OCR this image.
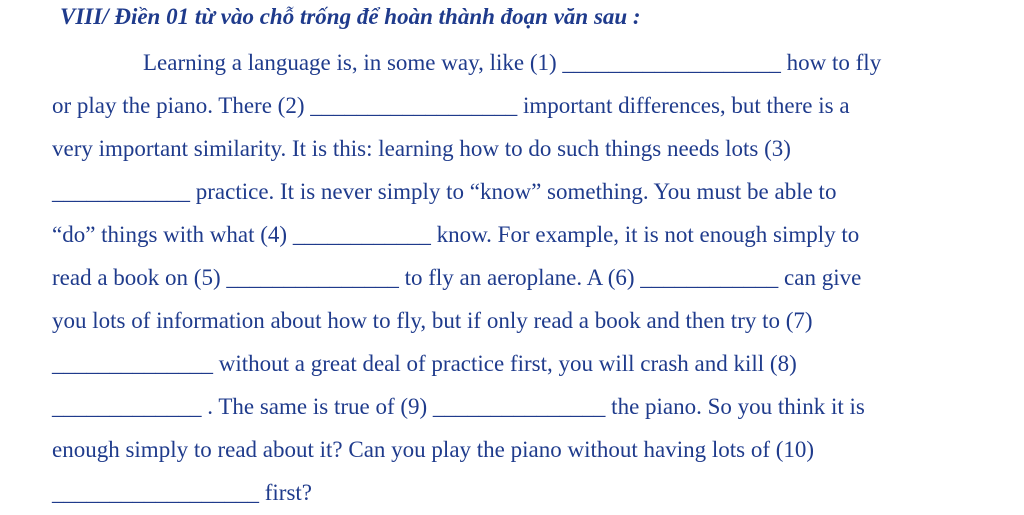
VIII/ Điền 01 từ vào chỗ trống để hoàn thành đoạn văn sau :
Learning a language is, in some way, like (1) ___________________ how to fly
or play the piano. There (2) __________________ important differences, but there is a
very important similarity. It is this: learning how to do such things needs lots (3)
____________ practice. It is never simply to “know” something. You must be able to
“do” things with what (4) ____________ know. For example, it is not enough simply to
read a book on (5) _______________ to fly an aeroplane. A (6) ____________ can give
you lots of information about how to fly, but if only read a book and then try to (7)
______________ without a great deal of practice first, you will crash and kill (8)
_____________ . The same is true of (9) _______________ the piano. So you think it is
enough simply to read about it? Can you play the piano without having lots of (10)
__________________ first?
